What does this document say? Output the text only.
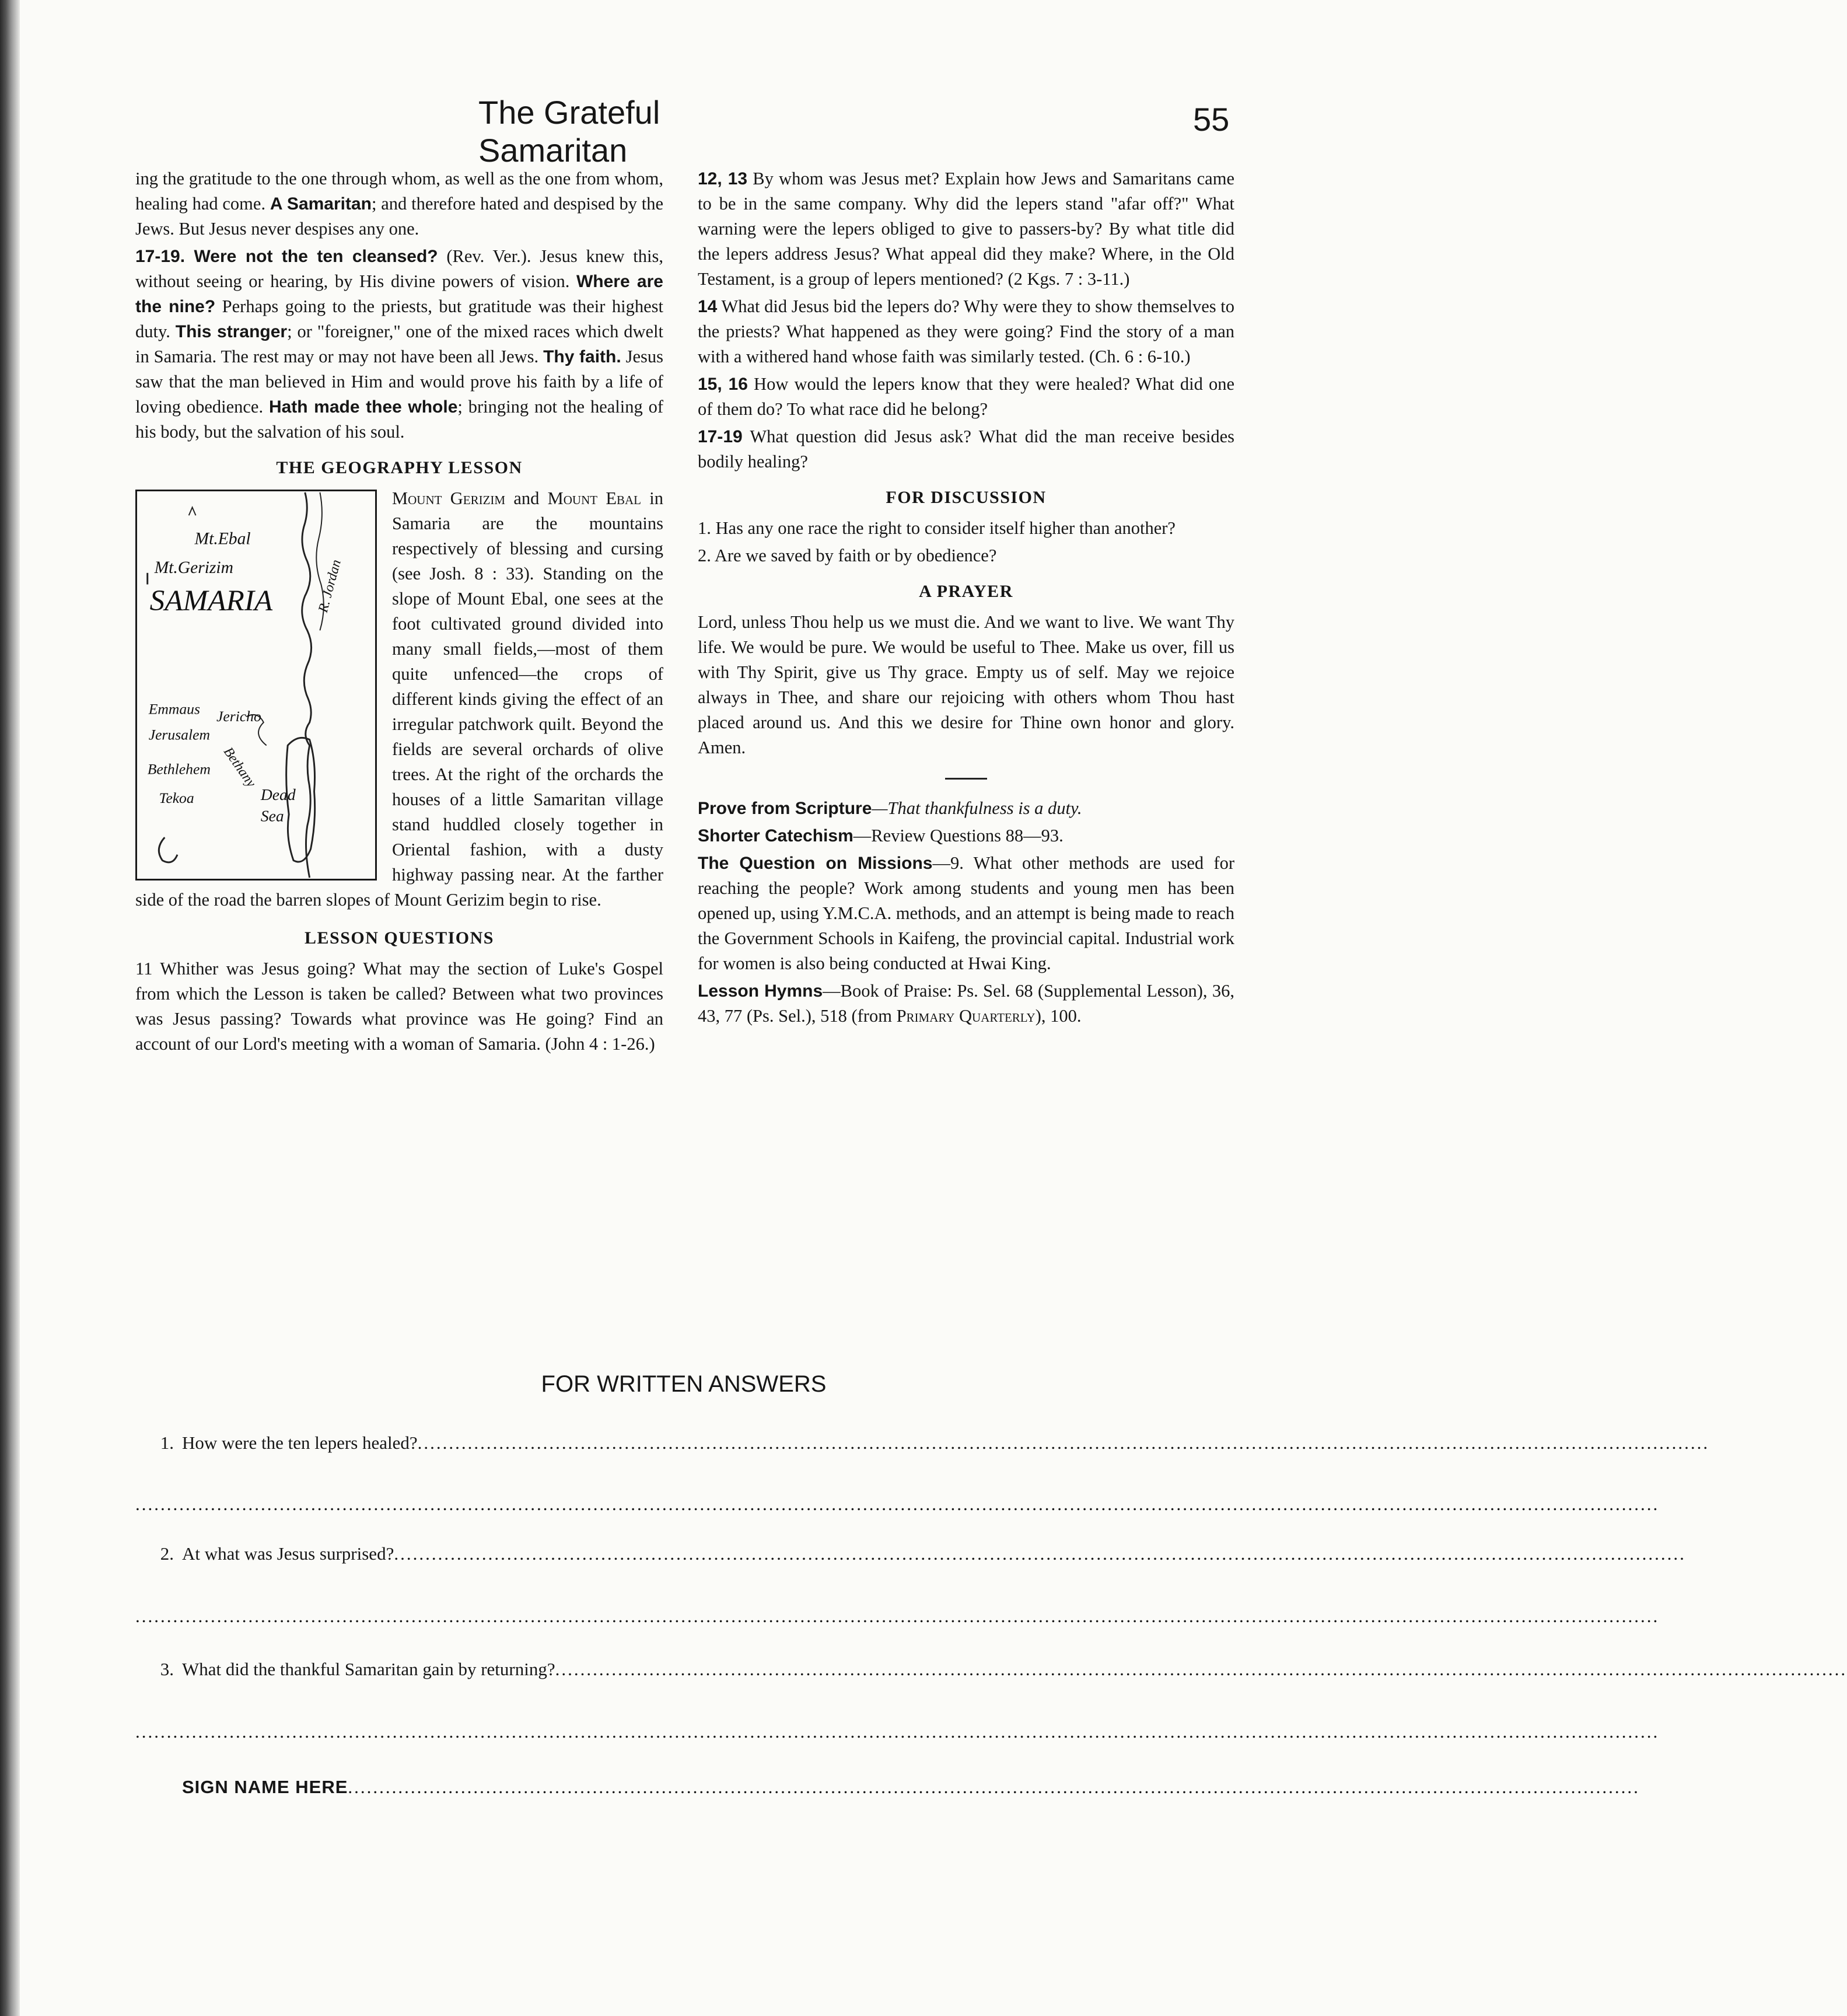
The Grateful Samaritan
55

ing the gratitude to the one through whom, as well as the one from whom, healing had come. A Samaritan; and therefore hated and despised by the Jews. But Jesus never despises any one.

17-19. Were not the ten cleansed? (Rev. Ver.). Jesus knew this, without seeing or hearing, by His divine powers of vision. Where are the nine? Perhaps going to the priests, but gratitude was their highest duty. This stranger; or "foreigner," one of the mixed races which dwelt in Samaria. The rest may or may not have been all Jews. Thy faith. Jesus saw that the man believed in Him and would prove his faith by a life of loving obedience. Hath made thee whole; bringing not the healing of his body, but the salvation of his soul.

THE GEOGRAPHY LESSON
Mt.Ebal
Mt.Gerizim
SAMARIA	R. Jordan
Emmaus Jericho
Jerusalem
Bethany
Bethlehem
Tekoa	Dead
Sea

Mount Gerizim and Mount Ebal in Samaria are the mountains respectively of blessing and cursing (see Josh. 8 : 33). Standing on the slope of Mount Ebal, one sees at the foot cultivated ground divided into many small fields,—most of them quite unfenced—the crops of different kinds giving the effect of an irregular patchwork quilt. Beyond the fields are several orchards of olive trees. At the right of the orchards the houses of a little Samaritan village stand huddled closely together in Oriental fashion, with a dusty highway passing near. At the farther side of the road the barren slopes of Mount Gerizim begin to rise.

LESSON QUESTIONS

11 Whither was Jesus going? What may the section of Luke's Gospel from which the Lesson is taken be called? Between what two provinces was Jesus passing? Towards what province was He going? Find an account of our Lord's meeting with a woman of Samaria. (John 4 : 1-26.)

12, 13 By whom was Jesus met? Explain how Jews and Samaritans came to be in the same company. Why did the lepers stand "afar off?" What warning were the lepers obliged to give to passers-by? By what title did the lepers address Jesus? What appeal did they make? Where, in the Old Testament, is a group of lepers mentioned? (2 Kgs. 7 : 3-11.)

14 What did Jesus bid the lepers do? Why were they to show themselves to the priests? What happened as they were going? Find the story of a man with a withered hand whose faith was similarly tested. (Ch. 6 : 6-10.)

15, 16 How would the lepers know that they were healed? What did one of them do? To what race did he belong?

17-19 What question did Jesus ask? What did the man receive besides bodily healing?

FOR DISCUSSION

1. Has any one race the right to consider itself higher than another?

2. Are we saved by faith or by obedience?

A PRAYER

Lord, unless Thou help us we must die. And we want to live. We want Thy life. We would be pure. We would be useful to Thee. Make us over, fill us with Thy Spirit, give us Thy grace. Empty us of self. May we rejoice always in Thee, and share our rejoicing with others whom Thou hast placed around us. And this we desire for Thine own honor and glory. Amen.

Prove from Scripture—That thankfulness is a duty.

Shorter Catechism—Review Questions 88—93.

The Question on Missions—9. What other methods are used for reaching the people? Work among students and young men has been opened up, using Y.M.C.A. methods, and an attempt is being made to reach the Government Schools in Kaifeng, the provincial capital. Industrial work for women is also being conducted at Hwai King.

Lesson Hymns—Book of Praise: Ps. Sel. 68 (Supplemental Lesson), 36, 43, 77 (Ps. Sel.), 518 (from Primary Quarterly), 100.

FOR WRITTEN ANSWERS
1. How were the ten lepers healed? ..............................................................................................................................................................................................................
...................................................................................................................................................................................................................................................
2. At what was Jesus surprised? ..............................................................................................................................................................................................................
...................................................................................................................................................................................................................................................
3. What did the thankful Samaritan gain by returning? ..............................................................................................................................................................................................................
...................................................................................................................................................................................................................................................
SIGN NAME HERE ..............................................................................................................................................................................................................
